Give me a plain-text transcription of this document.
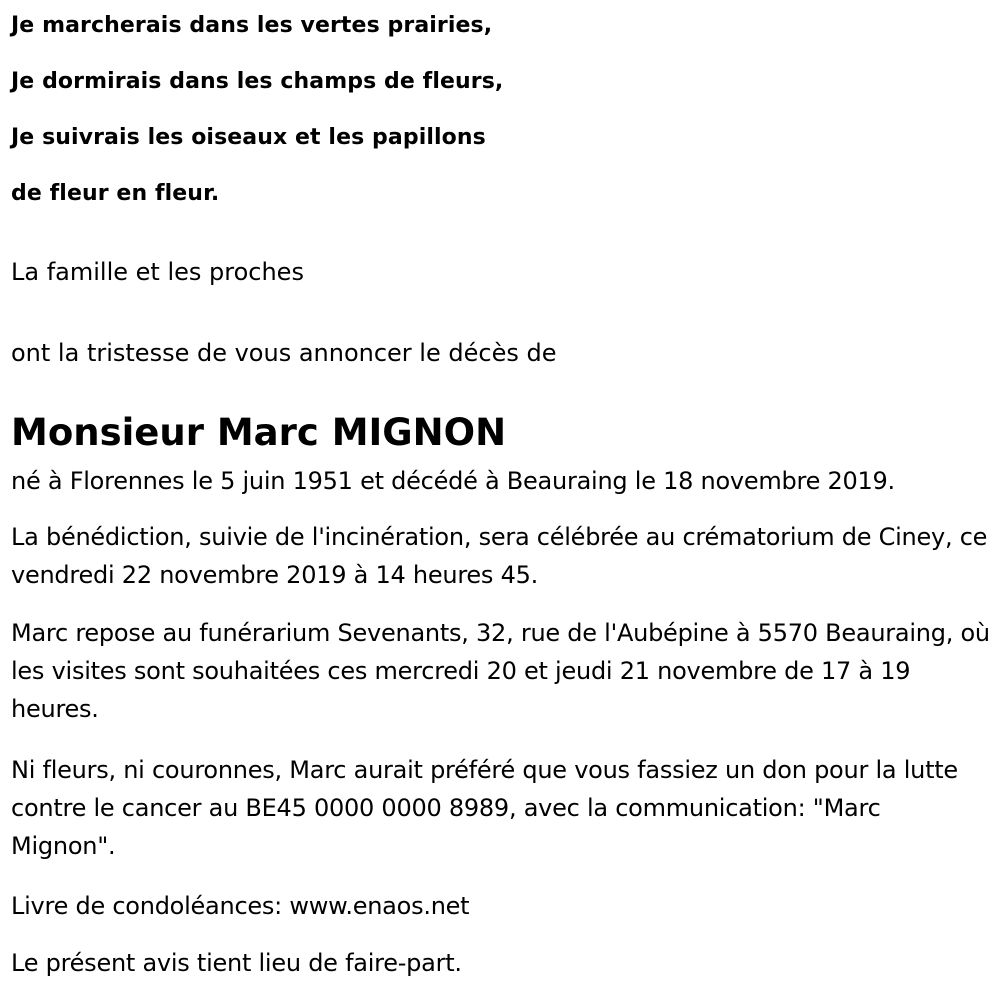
Je marcherais dans les vertes prairies,
Je dormirais dans les champs de fleurs,
Je suivrais les oiseaux et les papillons
de fleur en fleur.
La famille et les proches
ont la tristesse de vous annoncer le décès de
Monsieur Marc MIGNON
né à Florennes le 5 juin 1951 et décédé à Beauraing le 18 novembre 2019.
La bénédiction, suivie de l'incinération, sera célébrée au crématorium de Ciney, ce vendredi 22 novembre 2019 à 14 heures 45.
Marc repose au funérarium Sevenants, 32, rue de l'Aubépine à 5570 Beauraing, où les visites sont souhaitées ces mercredi 20 et jeudi 21 novembre de 17 à 19 heures.
Ni fleurs, ni couronnes, Marc aurait préféré que vous fassiez un don pour la lutte contre le cancer au BE45 0000 0000 8989, avec la communication: "Marc Mignon".
Livre de condoléances: www.enaos.net
Le présent avis tient lieu de faire-part.
